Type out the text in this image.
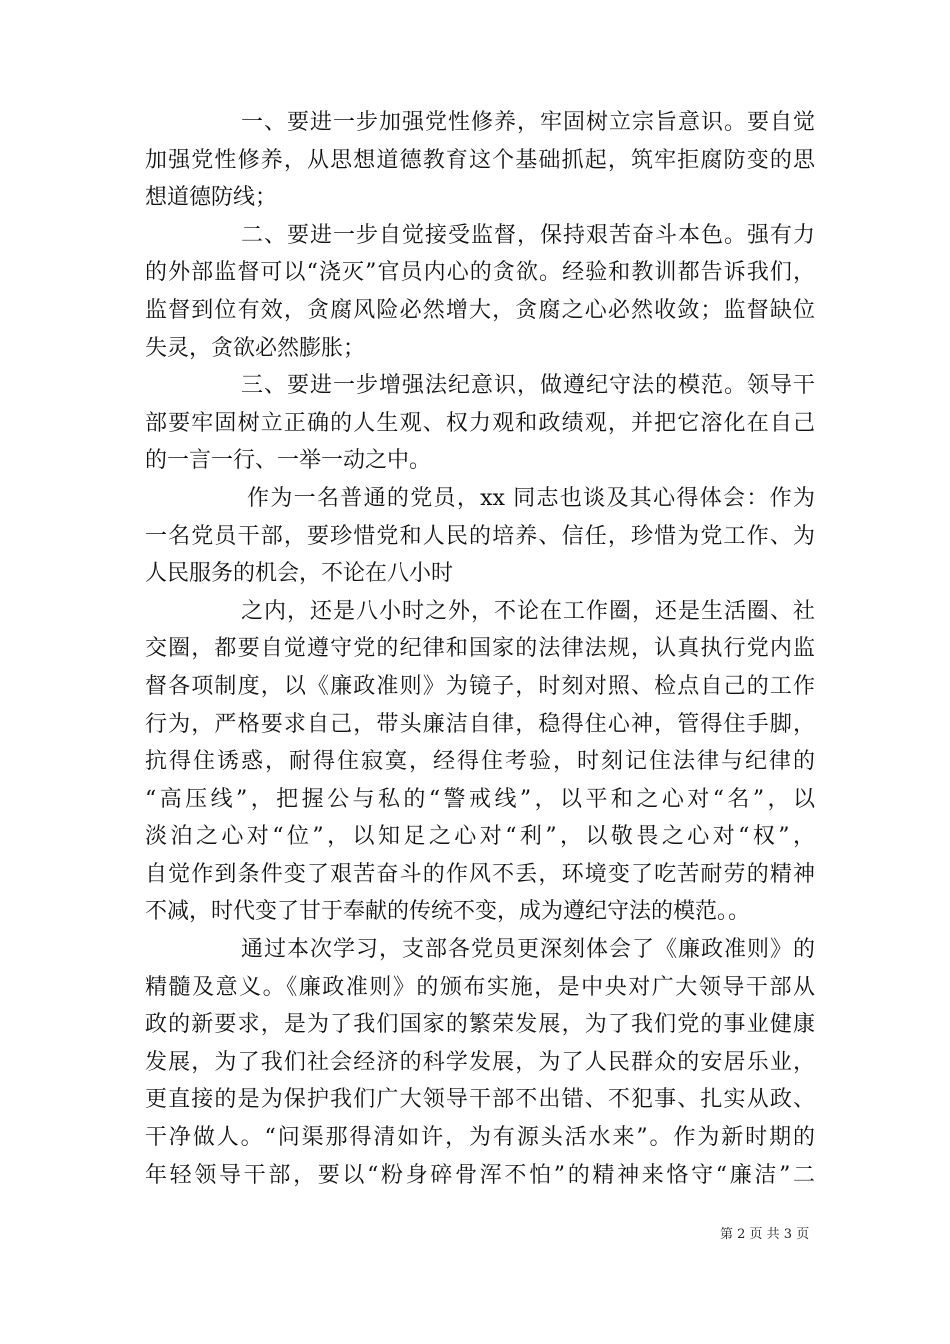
一、要进一步加强党性修养，牢固树立宗旨意识。要自觉
加强党性修养，从思想道德教育这个基础抓起，筑牢拒腐防变的思
想道德防线；
二、要进一步自觉接受监督，保持艰苦奋斗本色。强有力
的外部监督可以“浇灭”官员内心的贪欲。经验和教训都告诉我们，
监督到位有效，贪腐风险必然增大，贪腐之心必然收敛；监督缺位
失灵，贪欲必然膨胀；
三、要进一步增强法纪意识，做遵纪守法的模范。领导干
部要牢固树立正确的人生观、权力观和政绩观，并把它溶化在自己
的一言一行、一举一动之中。
作为一名普通的党员，xx 同志也谈及其心得体会：作为
一名党员干部，要珍惜党和人民的培养、信任，珍惜为党工作、为
人民服务的机会，不论在八小时
之内，还是八小时之外，不论在工作圈，还是生活圈、社
交圈，都要自觉遵守党的纪律和国家的法律法规，认真执行党内监
督各项制度，以《廉政准则》为镜子，时刻对照、检点自己的工作
行为，严格要求自己，带头廉洁自律，稳得住心神，管得住手脚，
抗得住诱惑，耐得住寂寞，经得住考验，时刻记住法律与纪律的
“高压线”，把握公与私的“警戒线”，以平和之心对“名”，以
淡泊之心对“位”，以知足之心对“利”，以敬畏之心对“权”，
自觉作到条件变了艰苦奋斗的作风不丢，环境变了吃苦耐劳的精神
不减，时代变了甘于奉献的传统不变，成为遵纪守法的模范。。
通过本次学习，支部各党员更深刻体会了《廉政准则》的
精髓及意义。《廉政准则》的颁布实施，是中央对广大领导干部从
政的新要求，是为了我们国家的繁荣发展，为了我们党的事业健康
发展，为了我们社会经济的科学发展，为了人民群众的安居乐业，
更直接的是为保护我们广大领导干部不出错、不犯事、扎实从政、
干净做人。“问渠那得清如许，为有源头活水来”。作为新时期的
年轻领导干部，要以“粉身碎骨浑不怕”的精神来恪守“廉洁”二
第 2 页 共 3 页
